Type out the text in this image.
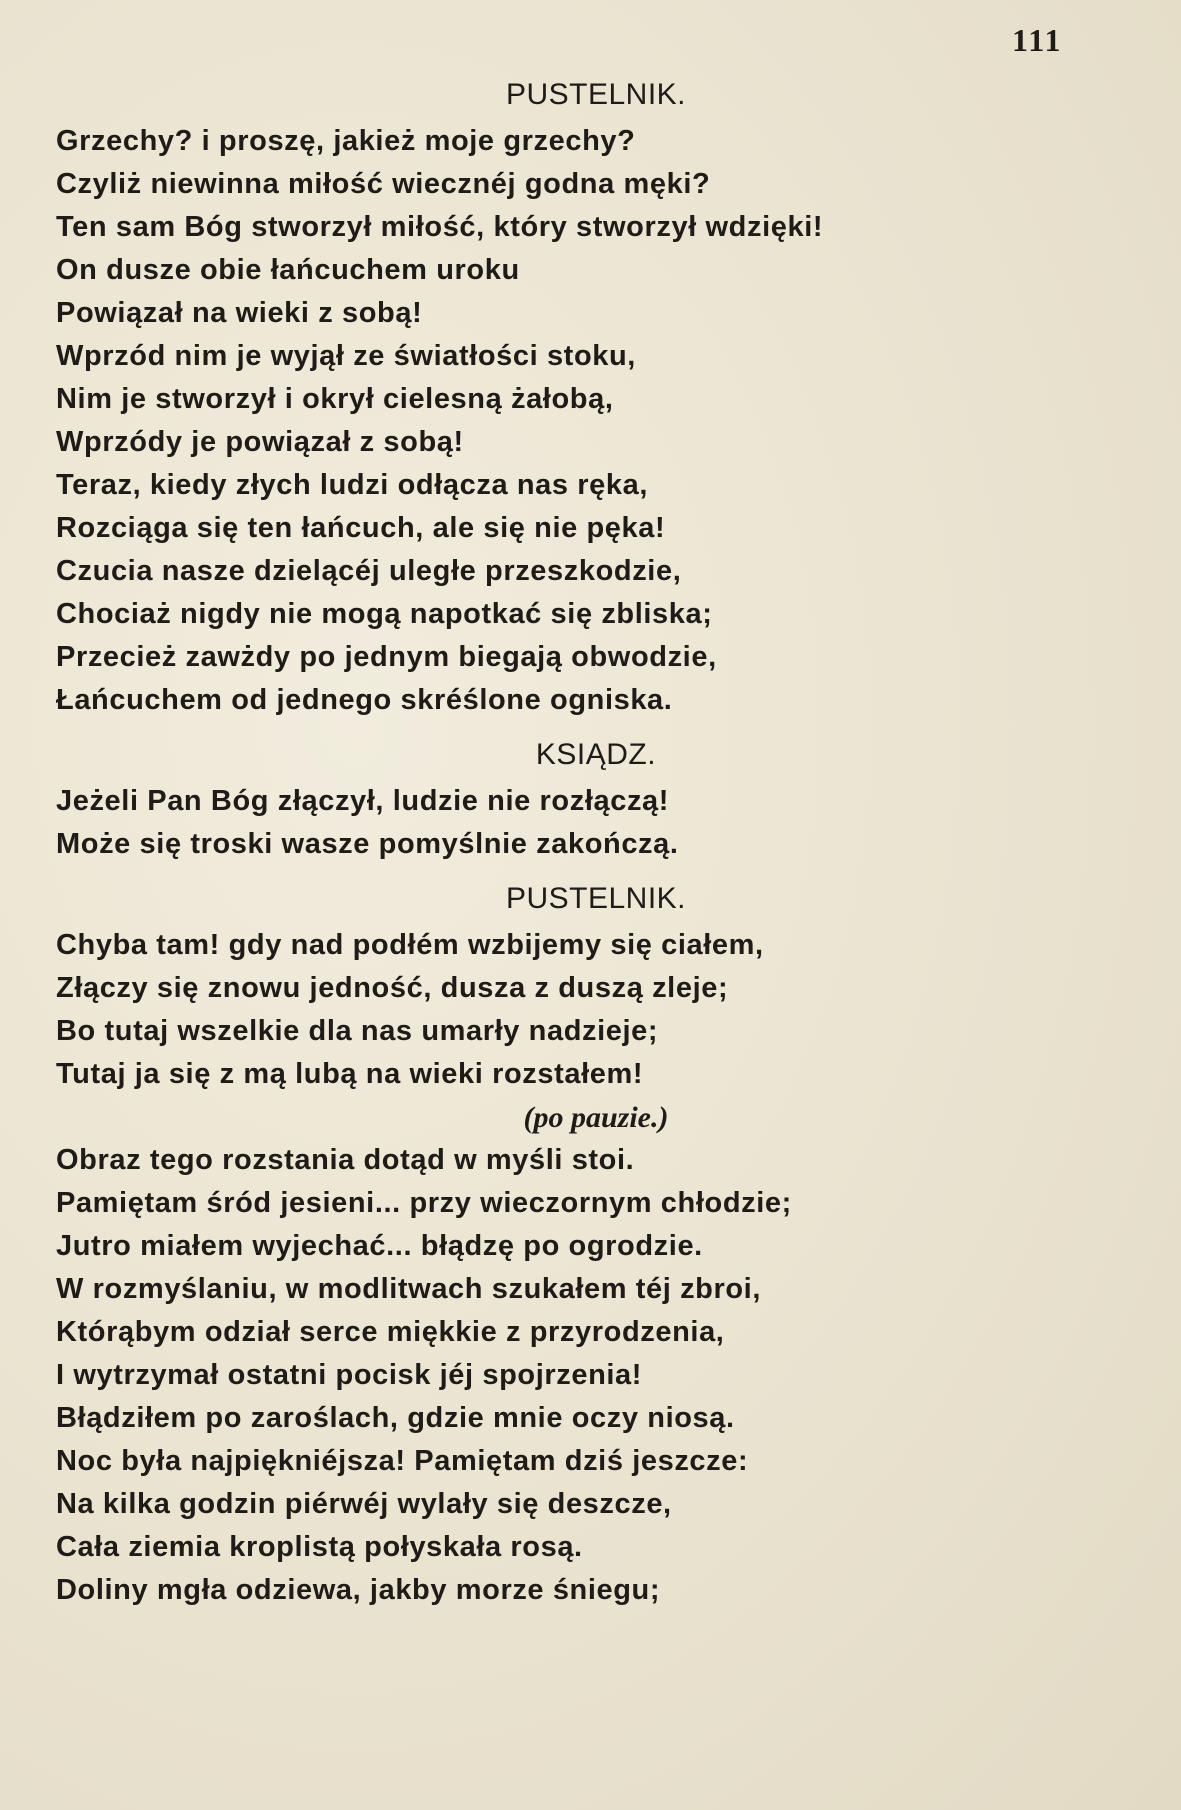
111
PUSTELNIK.
Grzechy? i proszę, jakież moje grzechy?
Czyliż niewinna miłość wiecznéj godna męki?
Ten sam Bóg stworzył miłość, który stworzył wdzięki!
On dusze obie łańcuchem uroku
Powiązał na wieki z sobą!
Wprzód nim je wyjął ze światłości stoku,
Nim je stworzył i okrył cielesną żałobą,
Wprzódy je powiązał z sobą!
Teraz, kiedy złych ludzi odłącza nas ręka,
Rozciąga się ten łańcuch, ale się nie pęka!
Czucia nasze dzielącéj uległe przeszkodzie,
Chociaż nigdy nie mogą napotkać się zbliska;
Przecież zawżdy po jednym biegają obwodzie,
Łańcuchem od jednego skréślone ogniska.
KSIĄDZ.
Jeżeli Pan Bóg złączył, ludzie nie rozłączą!
Może się troski wasze pomyślnie zakończą.
PUSTELNIK.
Chyba tam! gdy nad podłém wzbijemy się ciałem,
Złączy się znowu jedność, dusza z duszą zleje;
Bo tutaj wszelkie dla nas umarły nadzieje;
Tutaj ja się z mą lubą na wieki rozstałem!
(po pauzie.)
Obraz tego rozstania dotąd w myśli stoi.
Pamiętam śród jesieni... przy wieczornym chłodzie;
Jutro miałem wyjechać... błądzę po ogrodzie.
W rozmyślaniu, w modlitwach szukałem téj zbroi,
Którąbym odział serce miękkie z przyrodzenia,
I wytrzymał ostatni pocisk jéj spojrzenia!
Błądziłem po zaroślach, gdzie mnie oczy niosą.
Noc była najpiękniéjsza! Pamiętam dziś jeszcze:
Na kilka godzin piérwéj wylały się deszcze,
Cała ziemia kroplistą połyskała rosą.
Doliny mgła odziewa, jakby morze śniegu;
